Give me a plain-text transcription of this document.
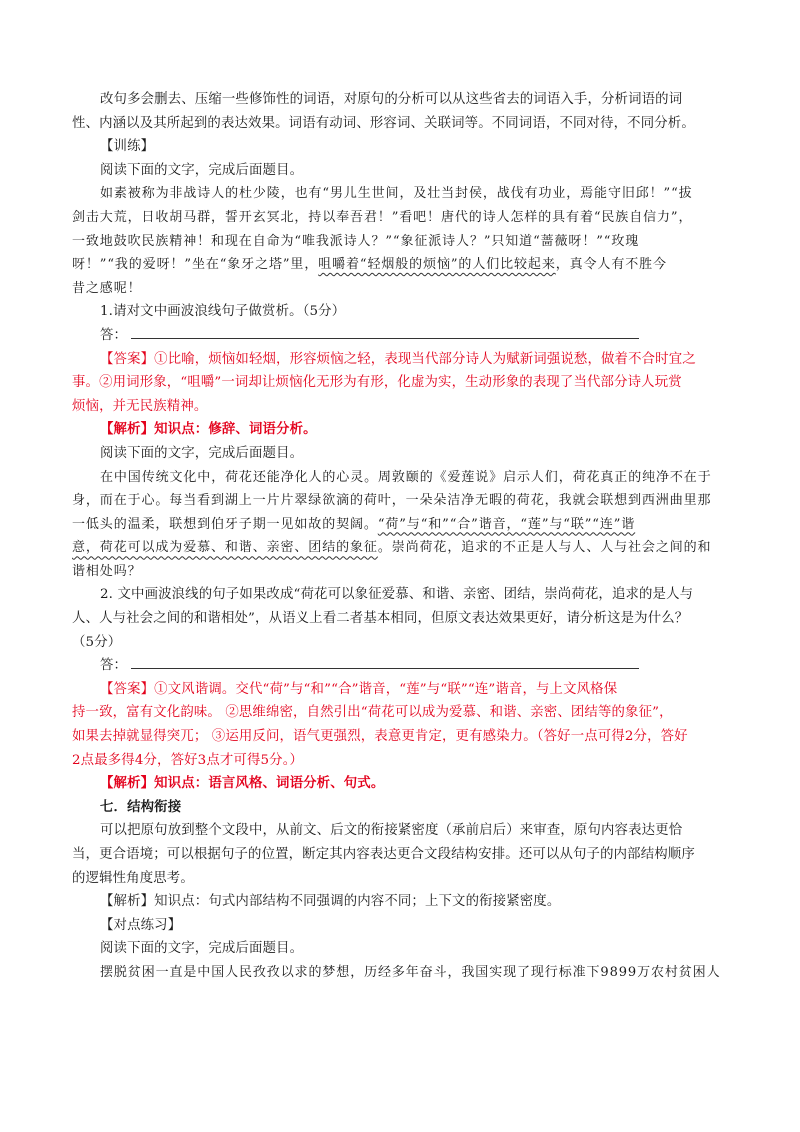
改句多会删去、压缩一些修饰性的词语，对原句的分析可以从这些省去的词语入手，分析词语的词
性、内涵以及其所起到的表达效果。词语有动词、形容词、关联词等。不同词语，不同对待，不同分析。
【训练】
阅读下面的文字，完成后面题目。
如素被称为非战诗人的杜少陵，也有“男儿生世间，及壮当封侯，战伐有功业，焉能守旧邱！”“拔
剑击大荒，日收胡马群，誓开玄冥北，持以奉吾君！”看吧！唐代的诗人怎样的具有着“民族自信力”，
一致地鼓吹民族精神！和现在自命为“唯我派诗人？”“象征派诗人？”只知道“蔷薇呀！”“玫瑰
呀！”“我的爱呀！”坐在“象牙之塔”里，咀嚼着“轻烟般的烦恼”的人们比较起来，真令人有不胜今
昔之感呢！
1.请对文中画波浪线句子做赏析。（5分）
答：
【答案】①比喻，烦恼如轻烟，形容烦恼之轻，表现当代部分诗人为赋新词强说愁，做着不合时宜之
事。②用词形象，“咀嚼”一词却让烦恼化无形为有形，化虚为实，生动形象的表现了当代部分诗人玩赏
烦恼，并无民族精神。
【解析】知识点：修辞、词语分析。
阅读下面的文字，完成后面题目。
在中国传统文化中，荷花还能净化人的心灵。周敦颐的《爱莲说》启示人们，荷花真正的纯净不在于
身，而在于心。每当看到湖上一片片翠绿欲滴的荷叶，一朵朵洁净无暇的荷花，我就会联想到西洲曲里那
一低头的温柔，联想到伯牙子期一见如故的契阔。“荷”与“和”“合”谐音，“莲”与“联”“连”谐
意，荷花可以成为爱慕、和谐、亲密、团结的象征。崇尚荷花，追求的不正是人与人、人与社会之间的和
谐相处吗？
2. 文中画波浪线的句子如果改成“荷花可以象征爱慕、和谐、亲密、团结，崇尚荷花，追求的是人与
人、人与社会之间的和谐相处”，从语义上看二者基本相同，但原文表达效果更好，请分析这是为什么？
（5分）
答：
【答案】①文风谐调。交代“荷”与“和”“合”谐音，“莲”与“联”“连”谐音，与上文风格保
持一致，富有文化韵味。 ②思维绵密，自然引出“荷花可以成为爱慕、和谐、亲密、团结等的象征”，
如果去掉就显得突兀； ③运用反问，语气更强烈，表意更肯定，更有感染力。（答好一点可得2分，答好
2点最多得4分，答好3点才可得5分。）
【解析】知识点：语言风格、词语分析、句式。
七．结构衔接
可以把原句放到整个文段中，从前文、后文的衔接紧密度（承前启后）来审查，原句内容表达更恰
当，更合语境；可以根据句子的位置，断定其内容表达更合文段结构安排。还可以从句子的内部结构顺序
的逻辑性角度思考。
【解析】知识点：句式内部结构不同强调的内容不同；上下文的衔接紧密度。
【对点练习】
阅读下面的文字，完成后面题目。
摆脱贫困一直是中国人民孜孜以求的梦想，历经多年奋斗，我国实现了现行标准下9899万农村贫困人
